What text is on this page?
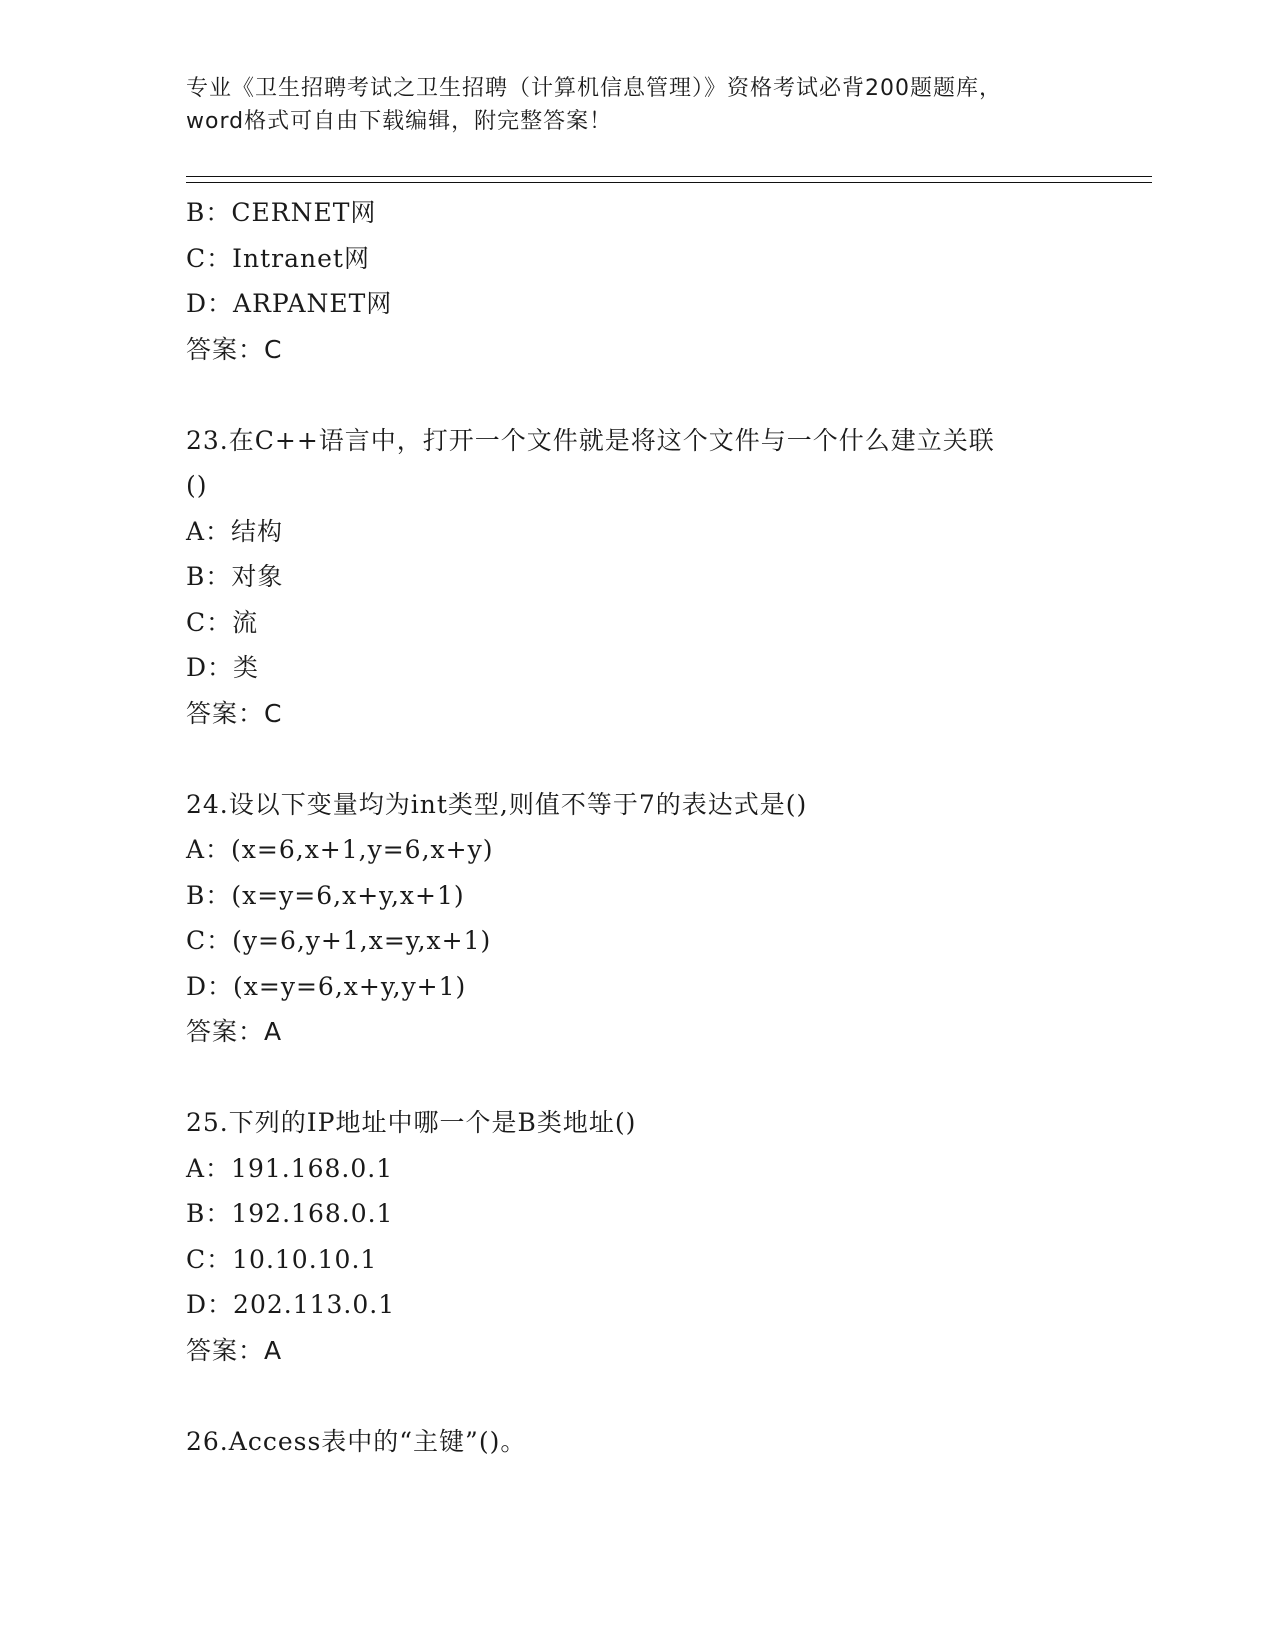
专业《卫生招聘考试之卫生招聘（计算机信息管理）》资格考试必背200题题库，
word格式可自由下载编辑，附完整答案！
B：CERNET网
C：Intranet网
D：ARPANET网
答案：C
23.在C++语言中，打开一个文件就是将这个文件与一个什么建立关联
()
A：结构
B：对象
C：流
D：类
答案：C
24.设以下变量均为int类型,则值不等于7的表达式是()
A：(x=6,x+1,y=6,x+y)
B：(x=y=6,x+y,x+1)
C：(y=6,y+1,x=y,x+1)
D：(x=y=6,x+y,y+1)
答案：A
25.下列的IP地址中哪一个是B类地址()
A：191.168.0.1
B：192.168.0.1
C：10.10.10.1
D：202.113.0.1
答案：A
26.Access表中的“主键”()。
